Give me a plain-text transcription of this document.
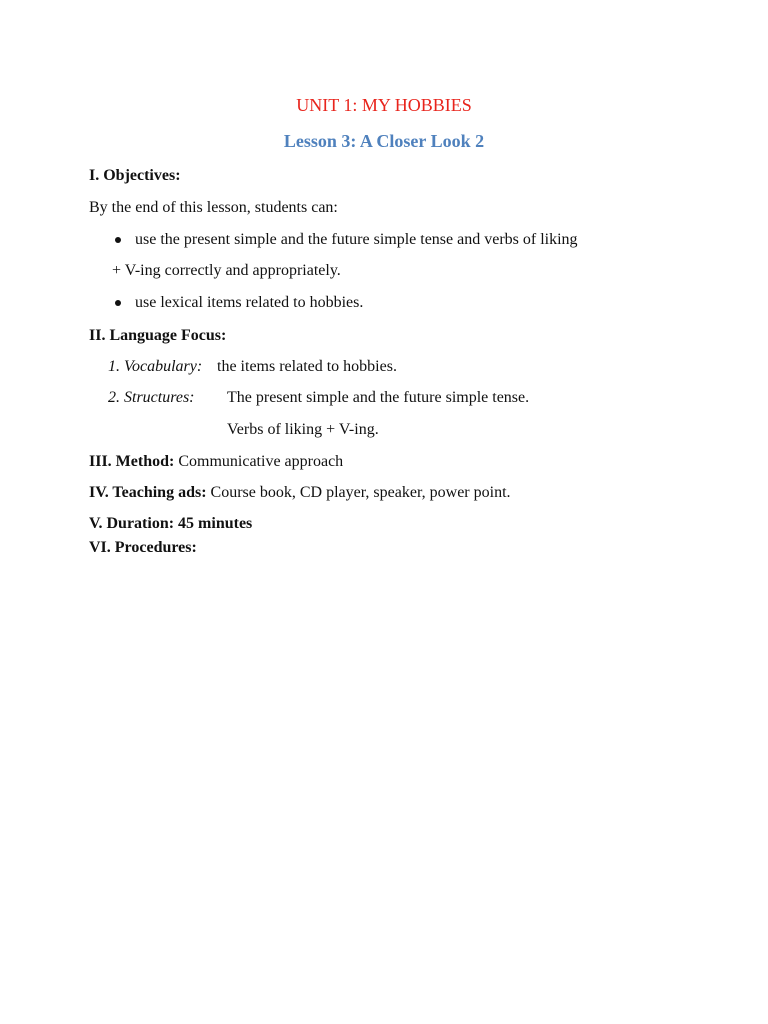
UNIT 1: MY HOBBIES
Lesson 3: A Closer Look 2
I. Objectives:
By the end of this lesson, students can:
use the present simple and the future simple tense and verbs of liking
+ V-ing correctly and appropriately.
use lexical items related to hobbies.
II. Language Focus:
1. Vocabulary: the items related to hobbies.
2. Structures: The present simple and the future simple tense.
Verbs of liking + V-ing.
III. Method: Communicative approach
IV. Teaching ads: Course book, CD player, speaker, power point.
V. Duration: 45 minutes
VI. Procedures:
